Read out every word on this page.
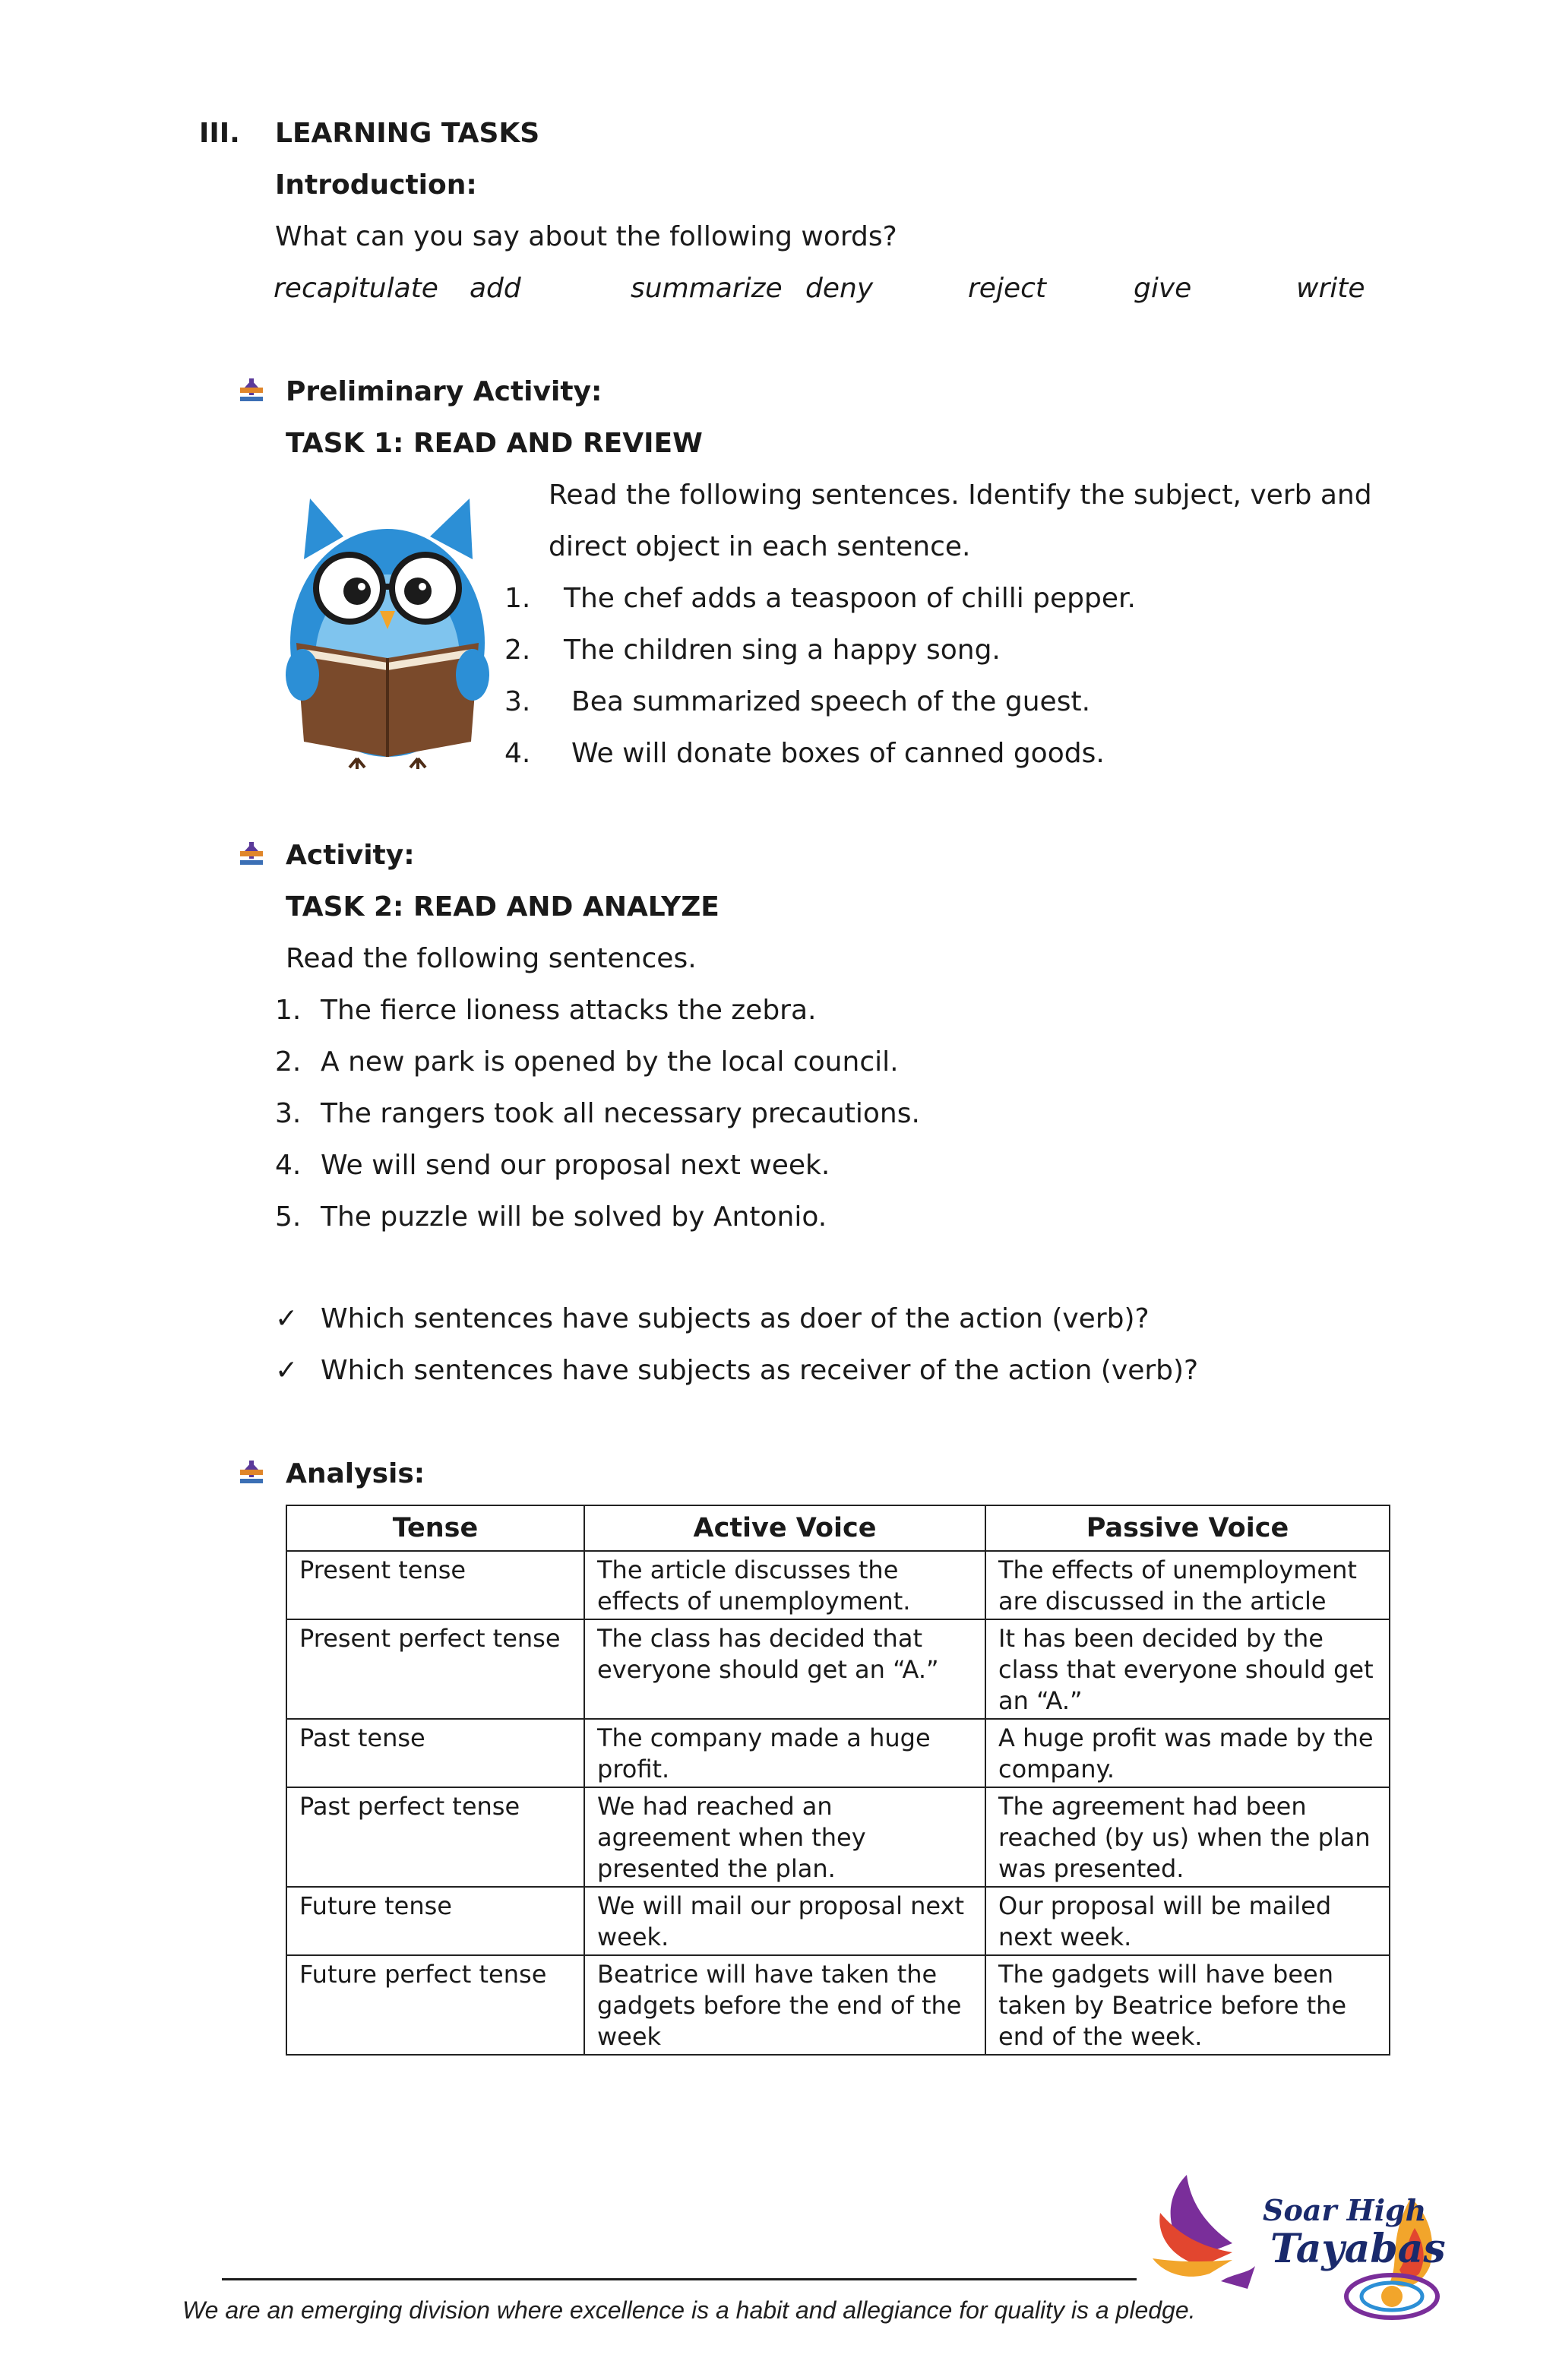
III. LEARNING TASKS
Introduction:
What can you say about the following words?
recapitulate add	summarize deny	reject	give	write
Preliminary Activity:
TASK 1: READ AND REVIEW
Read the following sentences. Identify the subject, verb and
direct object in each sentence.
1. The chef adds a teaspoon of chilli pepper.
2. The children sing a happy song.
3. Bea summarized speech of the guest.
4. We will donate boxes of canned goods.
Activity:
TASK 2: READ AND ANALYZE
Read the following sentences.
1. The fierce lioness attacks the zebra.
2. A new park is opened by the local council.
3. The rangers took all necessary precautions.
4. We will send our proposal next week.
5. The puzzle will be solved by Antonio.
✓ Which sentences have subjects as doer of the action (verb)?
✓ Which sentences have subjects as receiver of the action (verb)?
Analysis:
Tense	Active Voice	Passive Voice
Present tense	The article discusses the effects of unemployment.	The effects of unemployment are discussed in the article
Present perfect tense	The class has decided that everyone should get an “A.”	It has been decided by the class that everyone should get an “A.”
Past tense	The company made a huge profit.	A huge profit was made by the company.
Past perfect tense	We had reached an agreement when they presented the plan.	The agreement had been reached (by us) when the plan was presented.
Future tense	We will mail our proposal next week.	Our proposal will be mailed next week.
Future perfect tense	Beatrice will have taken the gadgets before the end of the week	The gadgets will have been taken by Beatrice before the end of the week.
We are an emerging division where excellence is a habit and allegiance for quality is a pledge.
Soar High
Tayabas
